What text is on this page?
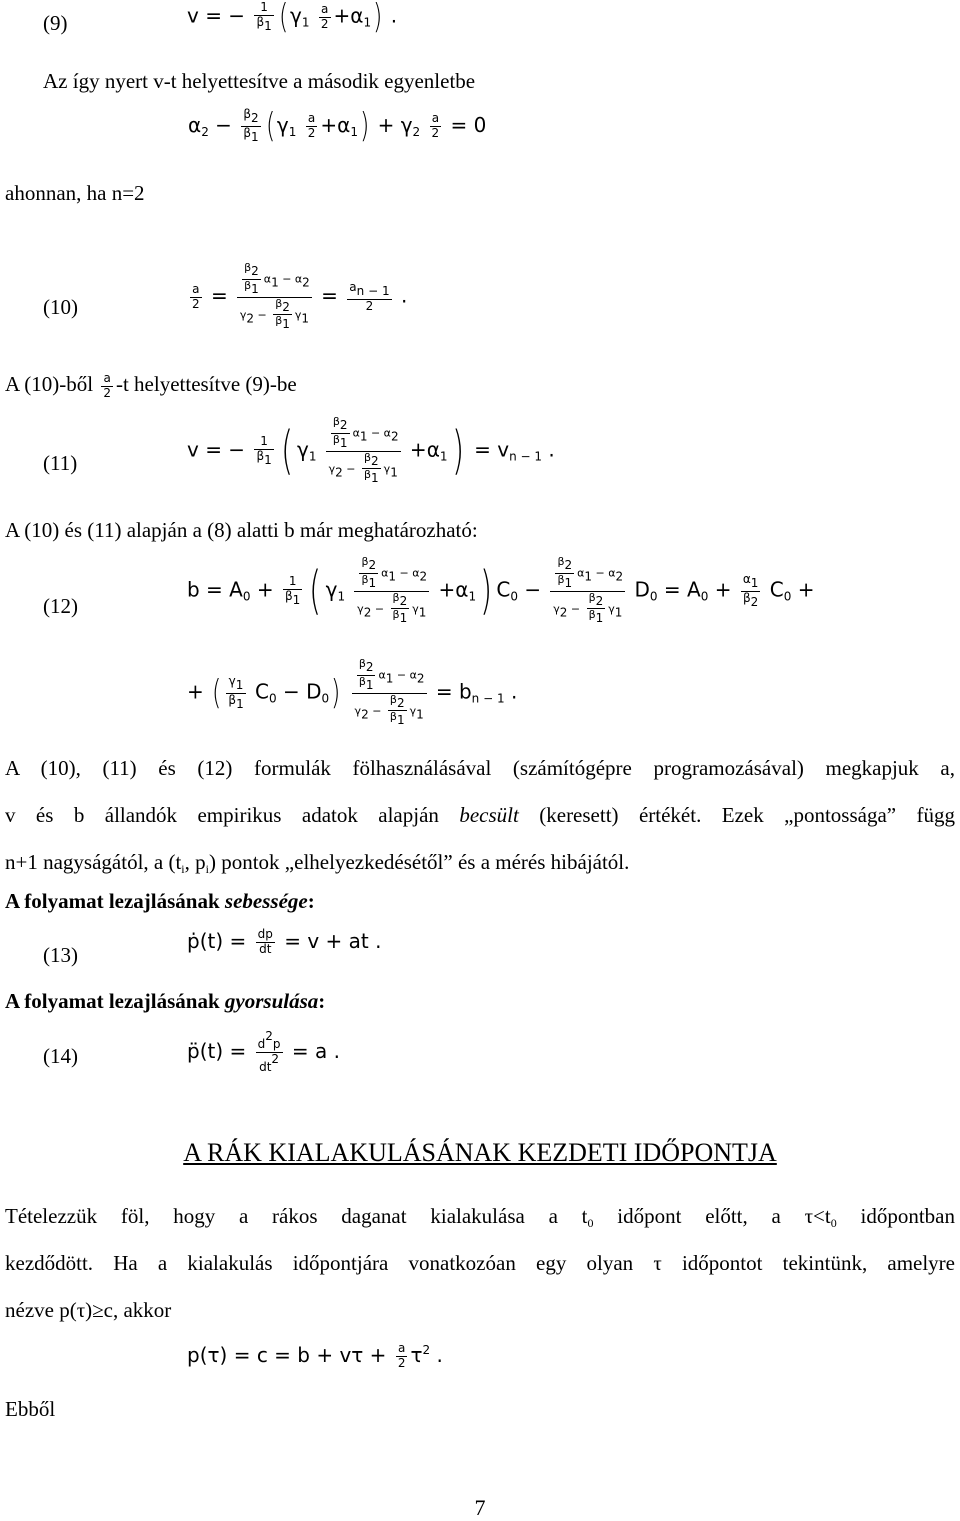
(9)	v = − $\frac{1}{\beta_1} (\gamma_1 \frac{a}{2} +\alpha_1)$ .
Az így nyert v-t helyettesítve a második egyenletbe
$\alpha_2 - \frac{\beta_2}{\beta_1} (\gamma_1 \frac{a}{2} +\alpha_1) + \gamma_2 \frac{a}{2} = 0$
ahonnan, ha n=2
(10)	$\frac{a}{2} = \frac{\frac{\beta_2}{\beta_1} \alpha_1 - \alpha_2}{\gamma_2 - \frac{\beta_2}{\beta_1} \gamma_1} = \frac{a_{n - 1}}{2}$ .
A (10)-ből $\frac{a}{2} -t$ helyettesítve (9)-be
(11)
v = − $\frac{1}{\beta_1}$ ( $\gamma_1 \frac{\frac{\beta_2}{\beta_1} \alpha_1 - \alpha_2}{\gamma_2 - \frac{\beta_2}{\beta_1} \gamma_1} +\alpha_1) = v_{n - 1}$ .
A (10) és (11) alapján a (8) alatti b már meghatározható:
(12)
$b = A_0 + \frac{1}{\beta_1}$ ( $\gamma_1 \frac{\frac{\beta_2}{\beta_1} \alpha_1 - \alpha_2}{\gamma_2 - \frac{\beta_2}{\beta_1} \gamma_1} +\alpha_1$) $C_0 - \frac{\frac{\beta_2}{\beta_1} \alpha_1 - \alpha_2}{\gamma_2 - \frac{\beta_2}{\beta_1} \gamma_1} D_0 = A_0 + \frac{\alpha_1}{\beta_2} C_0$ +
+ ( $\frac{\gamma_1}{\beta_1} C_0 - D_0) \frac{\frac{\beta_2}{\beta_1} \alpha_1 - \alpha_2}{\gamma_2 - \frac{\beta_2}{\beta_1} \gamma_1} = b_{n - 1}$ .
A (10), (11) és (12) formulák fölhasználásával (számítógépre programozásával) megkapjuk a,
v és b állandók empirikus adatok alapján becsült (keresett) értékét. Ezek „pontossága” függ
n+1 nagyságától, a ($t_i$, $p_i$) pontok „elhelyezkedésétől” és a mérés hibájától.
A folyamat lezajlásának sebessége:
(13)
ṗ(t) = $\frac{dp}{dt} = v$ + at .
A folyamat lezajlásának gyorsulása:
(14)	p̈(t) = $\frac{d^2p}{dt^2} = a$ .
A RÁK KIALAKULÁSÁNAK KEZDETI IDŐPONTJA
Tételezzük föl, hogy a rákos daganat kialakulása a $t_0$ időpont előtt, a $\tau<t_0$ időpontban
kezdődött. Ha a kialakulás időpontjára vonatkozóan egy olyan τ időpontot tekintünk, amelyre
nézve p(τ)≥c, akkor
$p(\tau) = c = b + v\tau + \frac{a}{2} \tau^2$ .
Ebből
7
